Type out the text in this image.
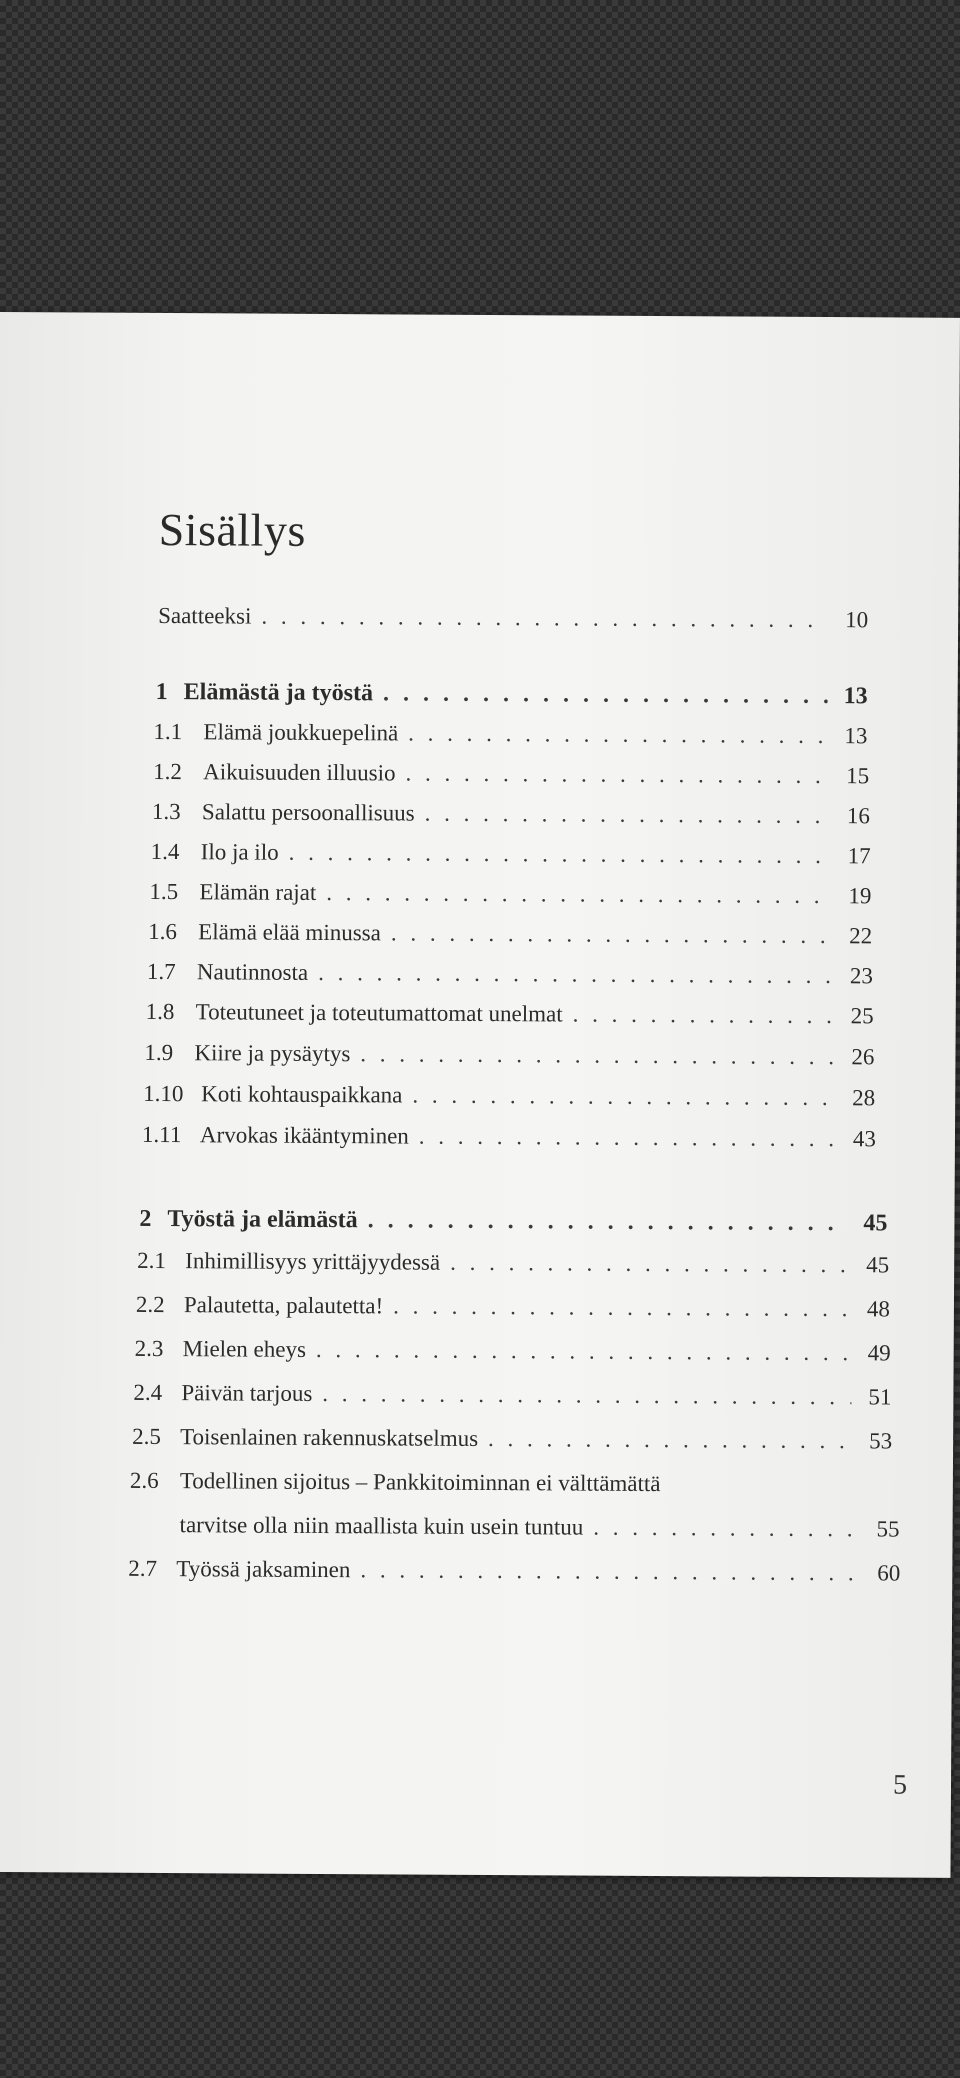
Sisällys
Saatteeksi . . .	10
1 Elämästä ja työstä . . .	13
1.1 Elämä joukkuepelinä . . .	13
1.2 Aikuisuuden illuusio . . .	15
1.3 Salattu persoonallisuus . . .	16
1.4 Ilo ja ilo . . .	17
1.5 Elämän rajat . . .	19
1.6 Elämä elää minussa . . .	22
1.7 Nautinnosta . . .	23
1.8 Toteutuneet ja toteutumattomat unelmat . . .	25
1.9 Kiire ja pysäytys . . .	26
1.10 Koti kohtauspaikkana . . .	28
1.11 Arvokas ikääntyminen . . .	43
2 Työstä ja elämästä . . .	45
2.1 Inhimillisyys yrittäjyydessä . . .	45
2.2 Palautetta, palautetta! . . .	48
2.3 Mielen eheys . . .	49
2.4 Päivän tarjous . . .	51
2.5 Toisenlainen rakennuskatselmus . . .	53
2.6 Todellinen sijoitus – Pankkitoiminnan ei välttämättä
tarvitse olla niin maallista kuin usein tuntuu . . .	55
2.7 Työssä jaksaminen . . .	60
5
